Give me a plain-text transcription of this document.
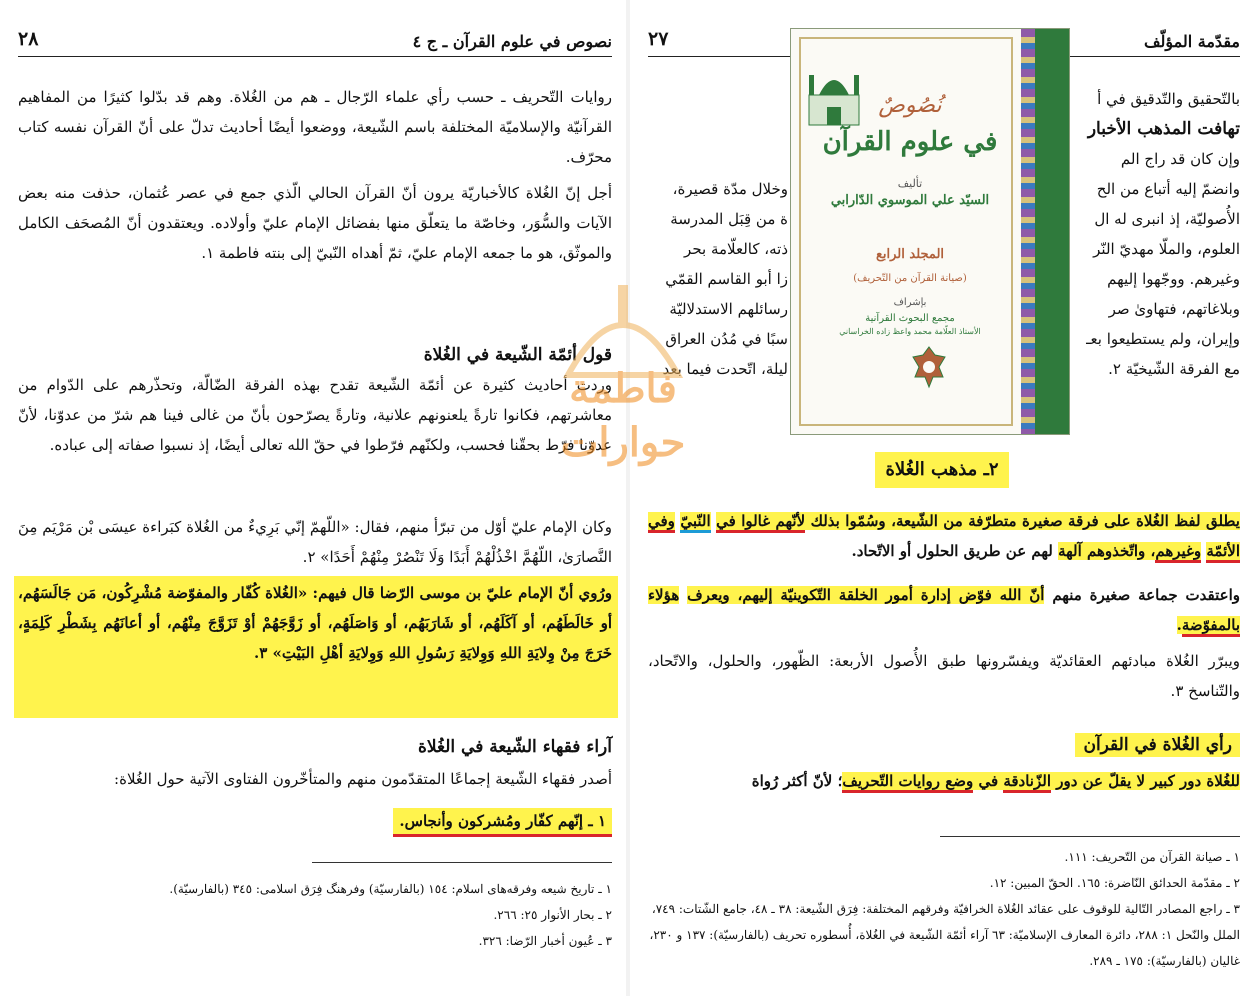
نصوص في علوم القرآن ـ ج ٤
٢٨

روايات التّحريف ـ حسب رأي علماء الرّجال ـ هم من الغُلاة. وهم قد بدّلوا كثيرًا من المفاهيم القرآنيّة والإسلاميّة المختلفة باسم الشّيعة، ووضعوا أيضًا أحاديث تدلّ على أنّ القرآن نفسه كتاب محرّف.

أجل إنّ الغُلاة كالأخباريّة يرون أنّ القرآن الحالي الّذي جمع في عصر عُثمان، حذفت منه بعض الآيات والسُّوَر، وخاصّة ما يتعلّق منها بفضائل الإمام عليّ وأولاده. ويعتقدون أنّ المُصحَف الكامل والموثّق، هو ما جمعه الإمام عليّ، ثمّ أهداه النّبيّ إلى بنته فاطمة ١.

قول أئمّة الشّيعة في الغُلاة

وردت أحاديث كثيرة عن أئمّة الشّيعة تقدح بهذه الفرقة الضّالّة، وتحذّرهم على الدّوام من معاشرتهم، فكانوا تارةً يلعنونهم علانية، وتارةً يصرّحون بأنّ من غالى فينا هم شرّ من عدوّنا، لأنّ عدوّنا فرّط بحقّنا فحسب، ولكنّهم فرّطوا في حقّ الله تعالى أيضًا، إذ نسبوا صفاته إلى عباده.

وكان الإمام عليّ أوّل من تبرّأ منهم، فقال: «اللّهمّ إنّي بَرِيءٌ من الغُلاة كبَراءة عيسَى بْن مَرْيَم مِنَ النَّصارَىٰ، اللّهُمَّ اخْذُلْهُمْ أَبَدًا وَلَا تَنْصُرْ مِنْهُمْ أَحَدًا» ٢.

ورُوي أنّ الإمام عليّ بن موسى الرّضا قال فيهم: «الغُلاة كُفّار والمفوّضة مُشْرِكُون، مَن جَالَسَهُم، أو خَالَطَهُم، أو آكَلَهُم، أو شَارَبَهُم، أو وَاصَلَهُم، أو زَوَّجَهُمْ أوْ تَزَوَّجَ مِنْهُم، أو أعانَهُم بِشَطْرِ كَلِمَةٍ، خَرَجَ مِنْ وِلايَةِ اللهِ وَوِلايَةِ رَسُولِ اللهِ وَوِلايَةِ أهْلِ البَيْتِ» ٣.

آراء فقهاء الشّيعة في الغُلاة

أصدر فقهاء الشّيعة إجماعًا المتقدّمون منهم والمتأخّرون الفتاوى الآتية حول الغُلاة:

١ ـ إنّهم كفّار ومُشركون وأنجاس.

١ ـ تاريخ شيعه وفرقه‌هاى اسلام: ١٥٤ (بالفارسيّة) وفرهنگ فِرَق اسلامى: ٣٤٥ (بالفارسيّة).

٢ ـ بحار الأنوار ٢٥: ٢٦٦.

٣ ـ عُيون أخبار الرّضا: ٣٢٦.

مقدّمة المؤلّف
٢٧

بالتّحقيق والتّدقيق في أ

تهافت المذهب الأخبار

وإن كان قد راج الم
وانضمّ إليه أتباع من الح
الأُصوليّة، إذ انبرى له ال
العلوم، والملّا مهديّ النّر
وغيرهم. ووجّهوا إليهم
وبلاغاتهم، فتهاوىٰ صر
وإيران، ولم يستطيعوا بعـ
مع الفرقة الشّيخيّة ٢.
وخلال مدّة قصيرة،
ة من قِبَل المدرسة
ذته، كالعلّامة بحر
زا أبو القاسم القمّي
رسائلهم الاستدلاليّة
سبًا في مُدُن العراق
ليلة، اتّحدت فيما بعد
٢ـ مذهب الغُلاة

يطلق لفظ الغُلاة على فرقة صغيرة متطرّفة من الشّيعة، وسُمّوا بذلك لأنّهم غالوا في النّبيّ وفي الأئمّة وغيرهم، واتّخذوهم آلهة لهم عن طريق الحلول أو الاتّحاد.

واعتقدت جماعة صغيرة منهم أنّ الله فوّض إدارة أمور الخلقة التّكوينيّة إليهم، ويعرف هؤلاء بالمفوّضة.

ويبرّر الغُلاة مبادئهم العقائديّة ويفسّرونها طبق الأُصول الأربعة: الظّهور، والحلول، والاتّحاد، والتّناسخ ٣.

رأي الغُلاة في القرآن

للغُلاة دور كبير لا يقلّ عن دور الزّنادقة في وضع روايات التّحريف؛ لأنّ أكثر رُواة

١ ـ صيانة القرآن من التّحريف: ١١١.

٢ ـ مقدّمة الحدائق النّاضرة: ١٦٥. الحقّ المبين: ١٢.

٣ ـ راجع المصادر التّالية للوقوف على عقائد الغُلاة الخرافيّة وفرقهم المختلفة: فِرَق الشّيعة: ٣٨ ـ ٤٨، جامع الشّتات: ٧٤٩، الملل والنّحل ١: ٢٨٨، دائرة المعارف الإسلاميّة: ٦٣ آراء أئمّة الشّيعة في الغُلاة، أُسطوره تحريف (بالفارسيّة): ١٣٧ و ٢٣٠، غاليان (بالفارسيّة): ١٧٥ ـ ٢٨٩.

نُصُوصٌ
في علوم القرآن
تأليف
السيّد علي الموسوي الدّارابي
المجلد الرابع
(صيانة القرآن من التّحريف)
بإشراف
مجمع البحوث القرآنية
الأستاذ العلّامة محمد واعظ زاده الخراساني
فاطمة
حوارات
